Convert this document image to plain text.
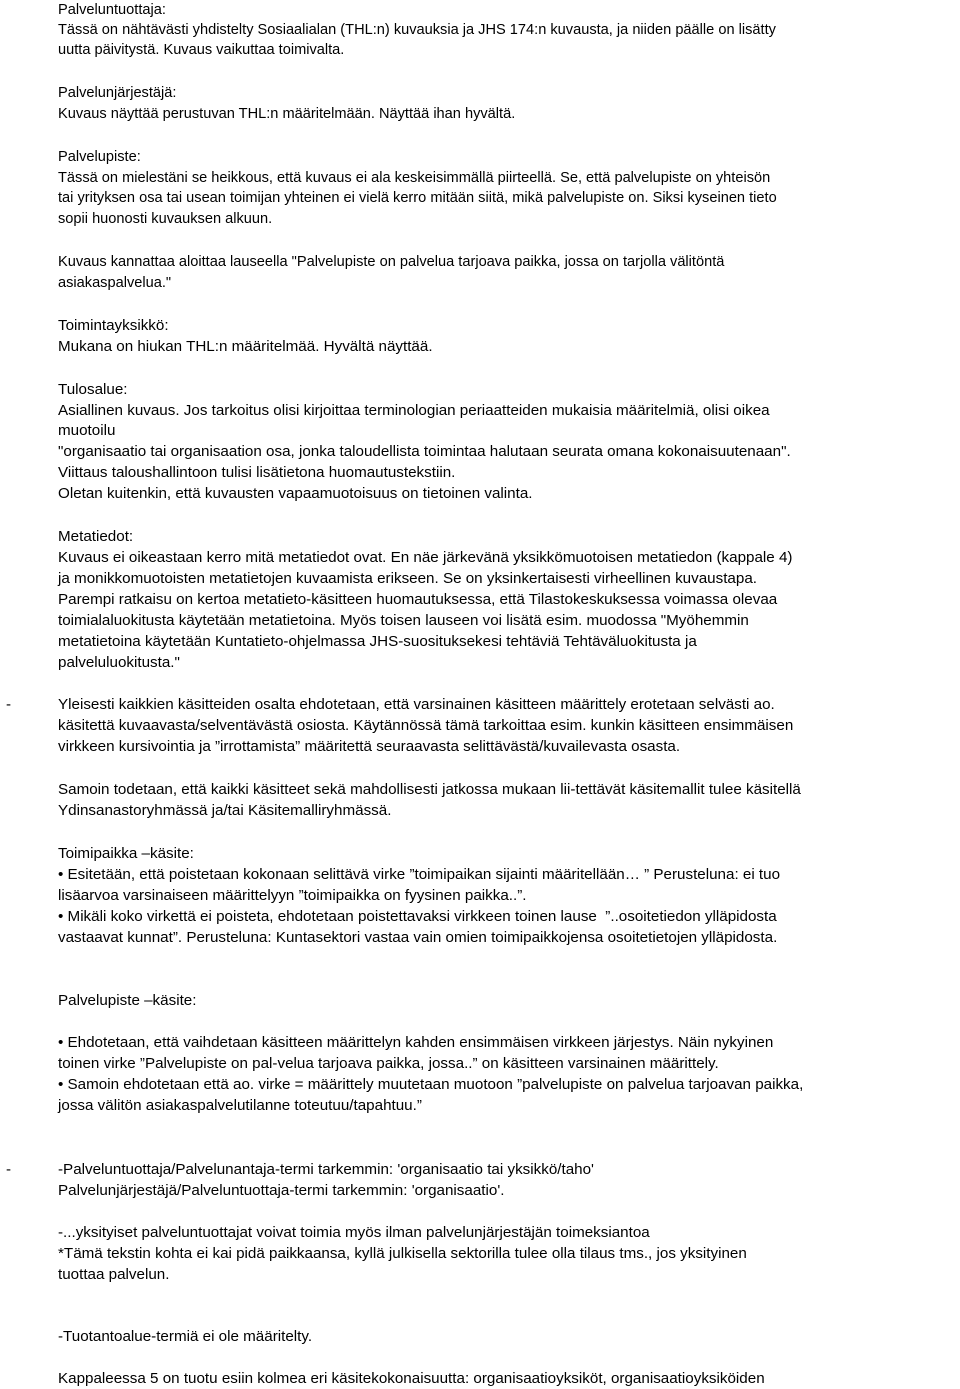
Palveluntuottaja:
Tässä on nähtävästi yhdistelty Sosiaalialan (THL:n) kuvauksia ja JHS 174:n kuvausta, ja niiden päälle on lisätty
uutta päivitystä. Kuvaus vaikuttaa toimivalta.
Palvelunjärjestäjä:
Kuvaus näyttää perustuvan THL:n määritelmään. Näyttää ihan hyvältä.
Palvelupiste:
Tässä on mielestäni se heikkous, että kuvaus ei ala keskeisimmällä piirteellä. Se, että palvelupiste on yhteisön
tai yrityksen osa tai usean toimijan yhteinen ei vielä kerro mitään siitä, mikä palvelupiste on. Siksi kyseinen tieto
sopii huonosti kuvauksen alkuun.
Kuvaus kannattaa aloittaa lauseella "Palvelupiste on palvelua tarjoava paikka, jossa on tarjolla välitöntä
asiakaspalvelua."
Toimintayksikkö:
Mukana on hiukan THL:n määritelmää. Hyvältä näyttää.
Tulosalue:
Asiallinen kuvaus. Jos tarkoitus olisi kirjoittaa terminologian periaatteiden mukaisia määritelmiä, olisi oikea
muotoilu
"organisaatio tai organisaation osa, jonka taloudellista toimintaa halutaan seurata omana kokonaisuutenaan".
Viittaus taloushallintoon tulisi lisätietona huomautustekstiin.
Oletan kuitenkin, että kuvausten vapaamuotoisuus on tietoinen valinta.
Metatiedot:
Kuvaus ei oikeastaan kerro mitä metatiedot ovat. En näe järkevänä yksikkömuotoisen metatiedon (kappale 4)
ja monikkomuotoisten metatietojen kuvaamista erikseen. Se on yksinkertaisesti virheellinen kuvaustapa.
Parempi ratkaisu on kertoa metatieto-käsitteen huomautuksessa, että Tilastokeskuksessa voimassa olevaa
toimialaluokitusta käytetään metatietoina. Myös toisen lauseen voi lisätä esim. muodossa "Myöhemmin
metatietoina käytetään Kuntatieto-ohjelmassa JHS-suosituksekesi tehtäviä Tehtäväluokitusta ja
palveluluokitusta."
-	Yleisesti kaikkien käsitteiden osalta ehdotetaan, että varsinainen käsitteen määrittely erotetaan selvästi ao.
käsitettä kuvaavasta/selventävästä osiosta. Käytännössä tämä tarkoittaa esim. kunkin käsitteen ensimmäisen
virkkeen kursivointia ja ”irrottamista” määritettä seuraavasta selittävästä/kuvailevasta osasta.
Samoin todetaan, että kaikki käsitteet sekä mahdollisesti jatkossa mukaan lii-tettävät käsitemallit tulee käsitellä
Ydinsanastoryhmässä ja/tai Käsitemalliryhmässä.
Toimipaikka –käsite:
• Esitetään, että poistetaan kokonaan selittävä virke ”toimipaikan sijainti määritellään… ” Perusteluna: ei tuo
lisäarvoa varsinaiseen määrittelyyn ”toimipaikka on fyysinen paikka..”.
• Mikäli koko virkettä ei poisteta, ehdotetaan poistettavaksi virkkeen toinen lause  ”..osoitetiedon ylläpidosta
vastaavat kunnat”. Perusteluna: Kuntasektori vastaa vain omien toimipaikkojensa osoitetietojen ylläpidosta.
Palvelupiste –käsite:
• Ehdotetaan, että vaihdetaan käsitteen määrittelyn kahden ensimmäisen virkkeen järjestys. Näin nykyinen
toinen virke ”Palvelupiste on pal-velua tarjoava paikka, jossa..” on käsitteen varsinainen määrittely.
• Samoin ehdotetaan että ao. virke = määrittely muutetaan muotoon ”palvelupiste on palvelua tarjoavan paikka,
jossa välitön asiakaspalvelutilanne toteutuu/tapahtuu.”
-	-Palveluntuottaja/Palvelunantaja-termi tarkemmin: 'organisaatio tai yksikkö/taho'
Palvelunjärjestäjä/Palveluntuottaja-termi tarkemmin: 'organisaatio'.
-...yksityiset palveluntuottajat voivat toimia myös ilman palvelunjärjestäjän toimeksiantoa
*Tämä tekstin kohta ei kai pidä paikkaansa, kyllä julkisella sektorilla tulee olla tilaus tms., jos yksityinen
tuottaa palvelun.
-Tuotantoalue-termiä ei ole määritelty.
Kappaleessa 5 on tuotu esiin kolmea eri käsitekokonaisuutta: organisaatioyksiköt, organisaatioyksiköiden
